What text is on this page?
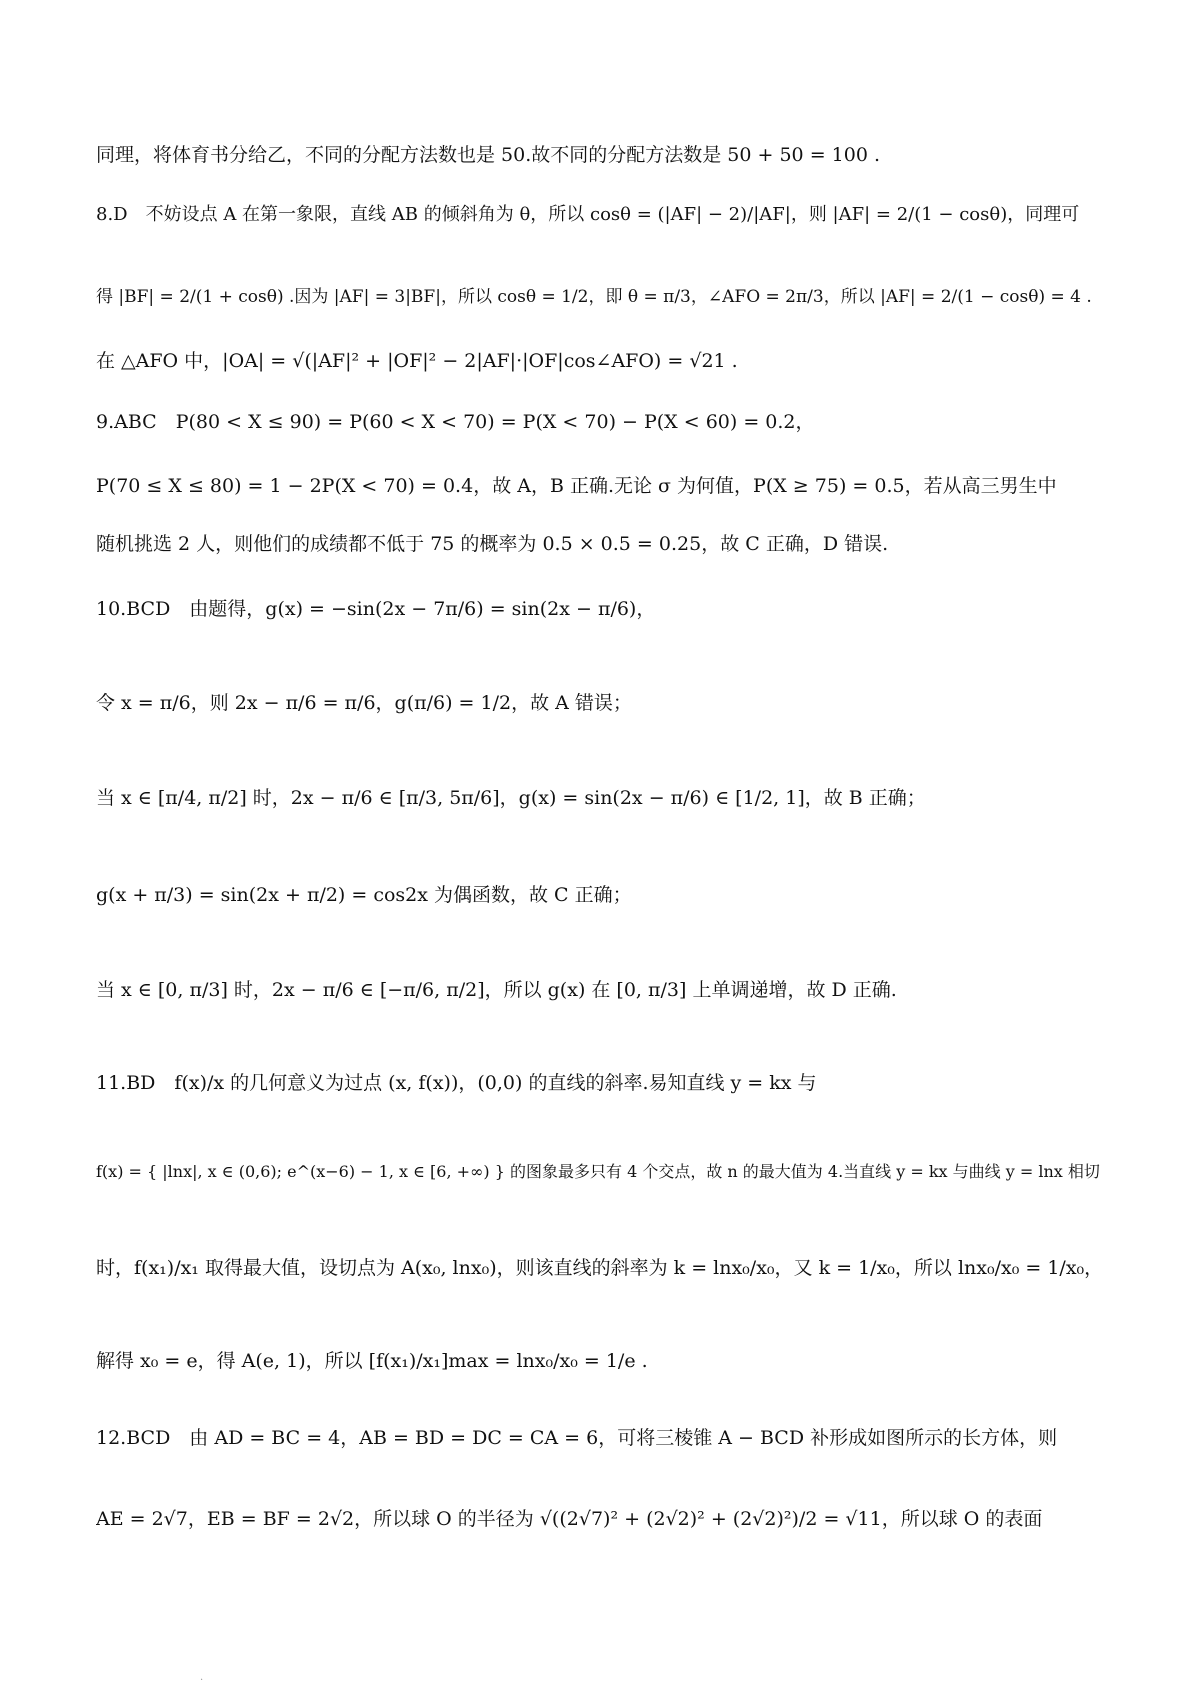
同理，将体育书分给乙，不同的分配方法数也是 50.故不同的分配方法数是 50 + 50 = 100 .
8.D　不妨设点 A 在第一象限，直线 AB 的倾斜角为 θ，所以 cosθ = (|AF| − 2)/|AF|，则 |AF| = 2/(1 − cosθ)，同理可
得 |BF| = 2/(1 + cosθ) .因为 |AF| = 3|BF|，所以 cosθ = 1/2，即 θ = π/3，∠AFO = 2π/3，所以 |AF| = 2/(1 − cosθ) = 4 .
在 △AFO 中，|OA| = √(|AF|² + |OF|² − 2|AF|·|OF|cos∠AFO) = √21 .
9.ABC　P(80 < X ≤ 90) = P(60 < X < 70) = P(X < 70) − P(X < 60) = 0.2，
P(70 ≤ X ≤ 80) = 1 − 2P(X < 70) = 0.4，故 A，B 正确.无论 σ 为何值，P(X ≥ 75) = 0.5，若从高三男生中
随机挑选 2 人，则他们的成绩都不低于 75 的概率为 0.5 × 0.5 = 0.25，故 C 正确，D 错误.
10.BCD　由题得，g(x) = −sin(2x − 7π/6) = sin(2x − π/6)，
令 x = π/6，则 2x − π/6 = π/6，g(π/6) = 1/2，故 A 错误；
当 x ∈ [π/4, π/2] 时，2x − π/6 ∈ [π/3, 5π/6]，g(x) = sin(2x − π/6) ∈ [1/2, 1]，故 B 正确；
g(x + π/3) = sin(2x + π/2) = cos2x 为偶函数，故 C 正确；
当 x ∈ [0, π/3] 时，2x − π/6 ∈ [−π/6, π/2]，所以 g(x) 在 [0, π/3] 上单调递增，故 D 正确.
11.BD　f(x)/x 的几何意义为过点 (x, f(x))，(0,0) 的直线的斜率.易知直线 y = kx 与
f(x) = { |lnx|, x ∈ (0,6); e^(x−6) − 1, x ∈ [6, +∞) } 的图象最多只有 4 个交点，故 n 的最大值为 4.当直线 y = kx 与曲线 y = lnx 相切
时，f(x₁)/x₁ 取得最大值，设切点为 A(x₀, lnx₀)，则该直线的斜率为 k = lnx₀/x₀，又 k = 1/x₀，所以 lnx₀/x₀ = 1/x₀，
解得 x₀ = e，得 A(e, 1)，所以 [f(x₁)/x₁]max = lnx₀/x₀ = 1/e .
12.BCD　由 AD = BC = 4，AB = BD = DC = CA = 6，可将三棱锥 A − BCD 补形成如图所示的长方体，则
AE = 2√7，EB = BF = 2√2，所以球 O 的半径为 √((2√7)² + (2√2)² + (2√2)²)/2 = √11，所以球 O 的表面
.
